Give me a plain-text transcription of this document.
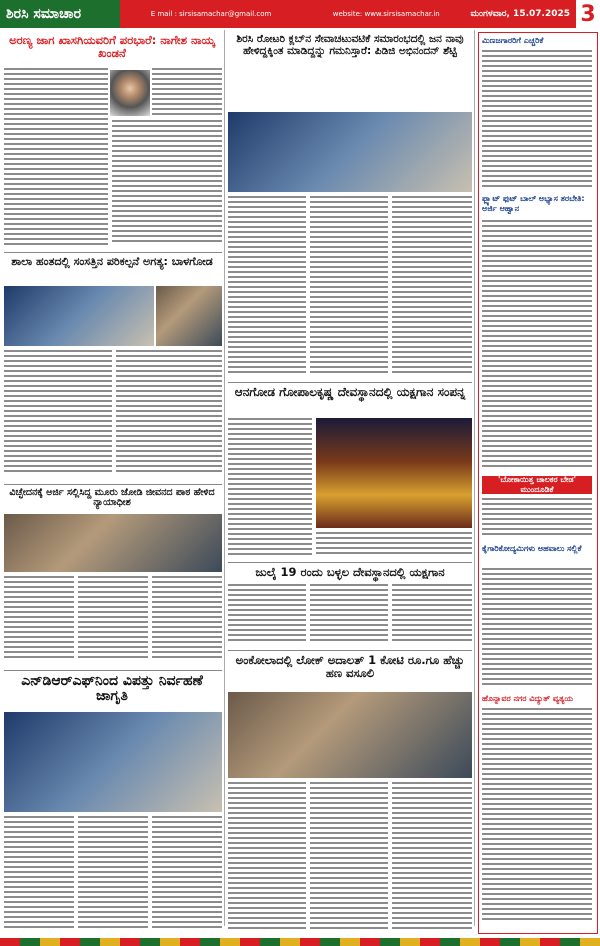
ಶಿರಸಿ ಸಮಾಚಾರ	E mail : sirsisamachar@gmail.com	website: www.sirsisamachar.in	ಮಂಗಳವಾರ, 15.07.2025 3
ಅರಣ್ಯ ಜಾಗ ಖಾಸಗಿಯವರಿಗೆ ಪರಭಾರೆ: ನಾಗೇಶ ನಾಯ್ಕ ಖಂಡನೆ
ಶಾಲಾ ಹಂತದಲ್ಲಿ ಸಂಸತ್ತಿನ ಪರಿಕಲ್ಪನೆ ಅಗತ್ಯ: ಬಾಳಗೋಡ
ವಿಚ್ಛೇದನಕ್ಕೆ ಅರ್ಜಿ ಸಲ್ಲಿಸಿದ್ದ ಮೂರು ಜೋಡಿ ಜೀವನದ ಪಾಠ ಹೇಳಿದ ನ್ಯಾಯಾಧೀಶ
ಎನ್‌ಡಿಆರ್‌ಎಫ್‌ನಿಂದ ವಿಪತ್ತು ನಿರ್ವಹಣೆ ಜಾಗೃತಿ
ಶಿರಸಿ ರೋಟರಿ ಕ್ಲಬ್‌ನ ಸೇವಾಚಟುವಟಿಕೆ ಸಮಾರಂಭದಲ್ಲಿ ಜನ ನಾವು ಹೇಳಿದ್ದಕ್ಕಿಂತ ಮಾಡಿದ್ದನ್ನು ಗಮನಿಸ್ತಾರೆ: ಪಿಡಿಜಿ ಅಭಿನಂದನ್ ಶೆಟ್ಟಿ
ಆನಗೋಡ ಗೋಪಾಲಕೃಷ್ಣ ದೇವಸ್ಥಾನದಲ್ಲಿ ಯಕ್ಷಗಾನ ಸಂಪನ್ನ
ಜುಲೈ 19 ರಂದು ಬಳ್ಳಲ ದೇವಸ್ಥಾನದಲ್ಲಿ ಯಕ್ಷಗಾನ
ಅಂಕೋಲಾದಲ್ಲಿ ಲೋಕ್ ಅದಾಲತ್ 1 ಕೋಟಿ ರೂ.ಗೂ ಹೆಚ್ಚು ಹಣ ವಸೂಲಿ
ಮಿಣಜಗಾರರಿಗೆ ಎಚ್ಚರಿಕೆ
ಫ್ಲ್ಯಾಟ್ ಫುಟ್ ಬಾಲ್ ಅಭ್ಯಾಸ ತರಬೇತಿ: ಅರ್ಜಿ ಆಹ್ವಾನ
'ಬೋಕಾಯಿತ್ತ ಚಾಲಕರ ಬೇಡ' ಮುಂದೂಡಿಕೆ
ಕೈಗಾರಿಕೋದ್ಯಮಿಗಳು ಅಹವಾಲು ಸಲ್ಲಿಕೆ
ಹೊನ್ನಾವರ ನಗರ ವಿದ್ಯುತ್ ವ್ಯತ್ಯಯ
